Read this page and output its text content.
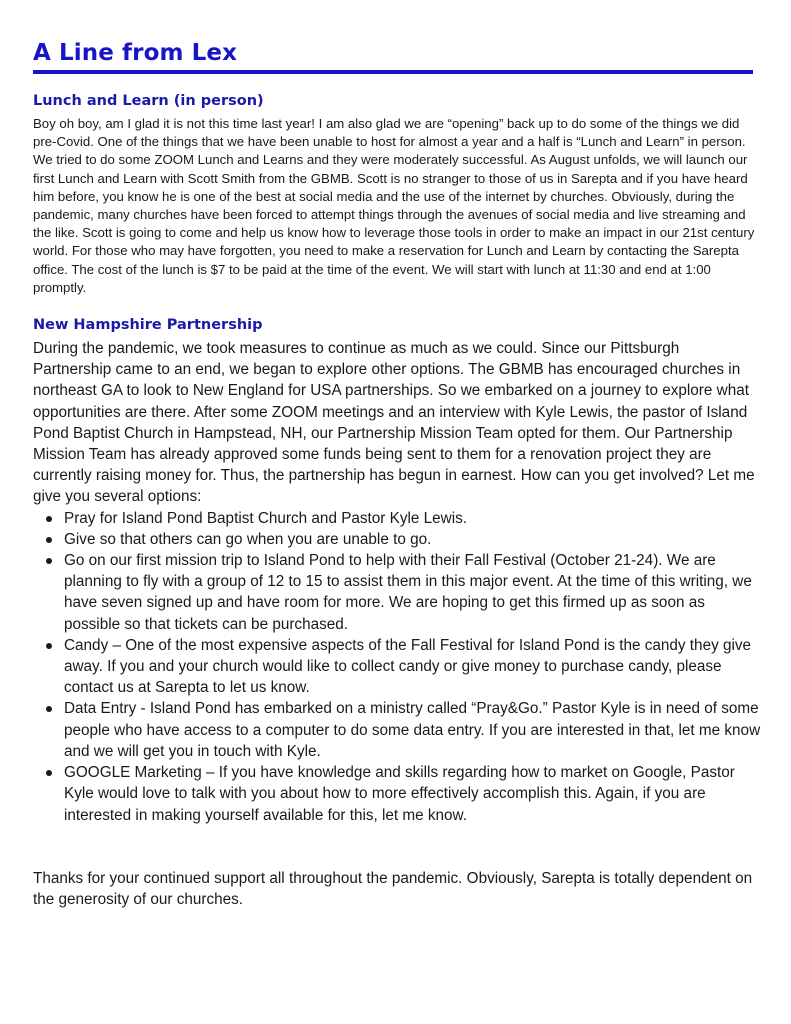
A Line from Lex
Lunch and Learn (in person)

Boy oh boy, am I glad it is not this time last year! I am also glad we are “opening” back up to do some of the things we did pre-Covid. One of the things that we have been unable to host for almost a year and a half is “Lunch and Learn” in person. We tried to do some ZOOM Lunch and Learns and they were moderately successful. As August unfolds, we will launch our first Lunch and Learn with Scott Smith from the GBMB. Scott is no stranger to those of us in Sarepta and if you have heard him before, you know he is one of the best at social media and the use of the internet by churches. Obviously, during the pandemic, many churches have been forced to attempt things through the avenues of social media and live streaming and the like. Scott is going to come and help us know how to leverage those tools in order to make an impact in our 21st century world. For those who may have forgotten, you need to make a reservation for Lunch and Learn by contacting the Sarepta office. The cost of the lunch is $7 to be paid at the time of the event. We will start with lunch at 11:30 and end at 1:00 promptly.

New Hampshire Partnership

During the pandemic, we took measures to continue as much as we could. Since our Pittsburgh Partnership came to an end, we began to explore other options. The GBMB has encouraged churches in northeast GA to look to New England for USA partnerships. So we embarked on a journey to explore what opportunities are there. After some ZOOM meetings and an interview with Kyle Lewis, the pastor of Island Pond Baptist Church in Hampstead, NH, our Partnership Mission Team opted for them. Our Partnership Mission Team has already approved some funds being sent to them for a renovation project they are currently raising money for. Thus, the partnership has begun in earnest. How can you get involved? Let me give you several options:

Pray for Island Pond Baptist Church and Pastor Kyle Lewis.
Give so that others can go when you are unable to go.
Go on our first mission trip to Island Pond to help with their Fall Festival (October 21-24). We are planning to fly with a group of 12 to 15 to assist them in this major event. At the time of this writing, we have seven signed up and have room for more. We are hoping to get this firmed up as soon as possible so that tickets can be purchased.
Candy – One of the most expensive aspects of the Fall Festival for Island Pond is the candy they give away. If you and your church would like to collect candy or give money to purchase candy, please contact us at Sarepta to let us know.
Data Entry - Island Pond has embarked on a ministry called “Pray&Go.” Pastor Kyle is in need of some people who have access to a computer to do some data entry. If you are interested in that, let me know and we will get you in touch with Kyle.
GOOGLE Marketing – If you have knowledge and skills regarding how to market on Google, Pastor Kyle would love to talk with you about how to more effectively accomplish this. Again, if you are interested in making yourself available for this, let me know.

Thanks for your continued support all throughout the pandemic. Obviously, Sarepta is totally dependent on the generosity of our churches.
